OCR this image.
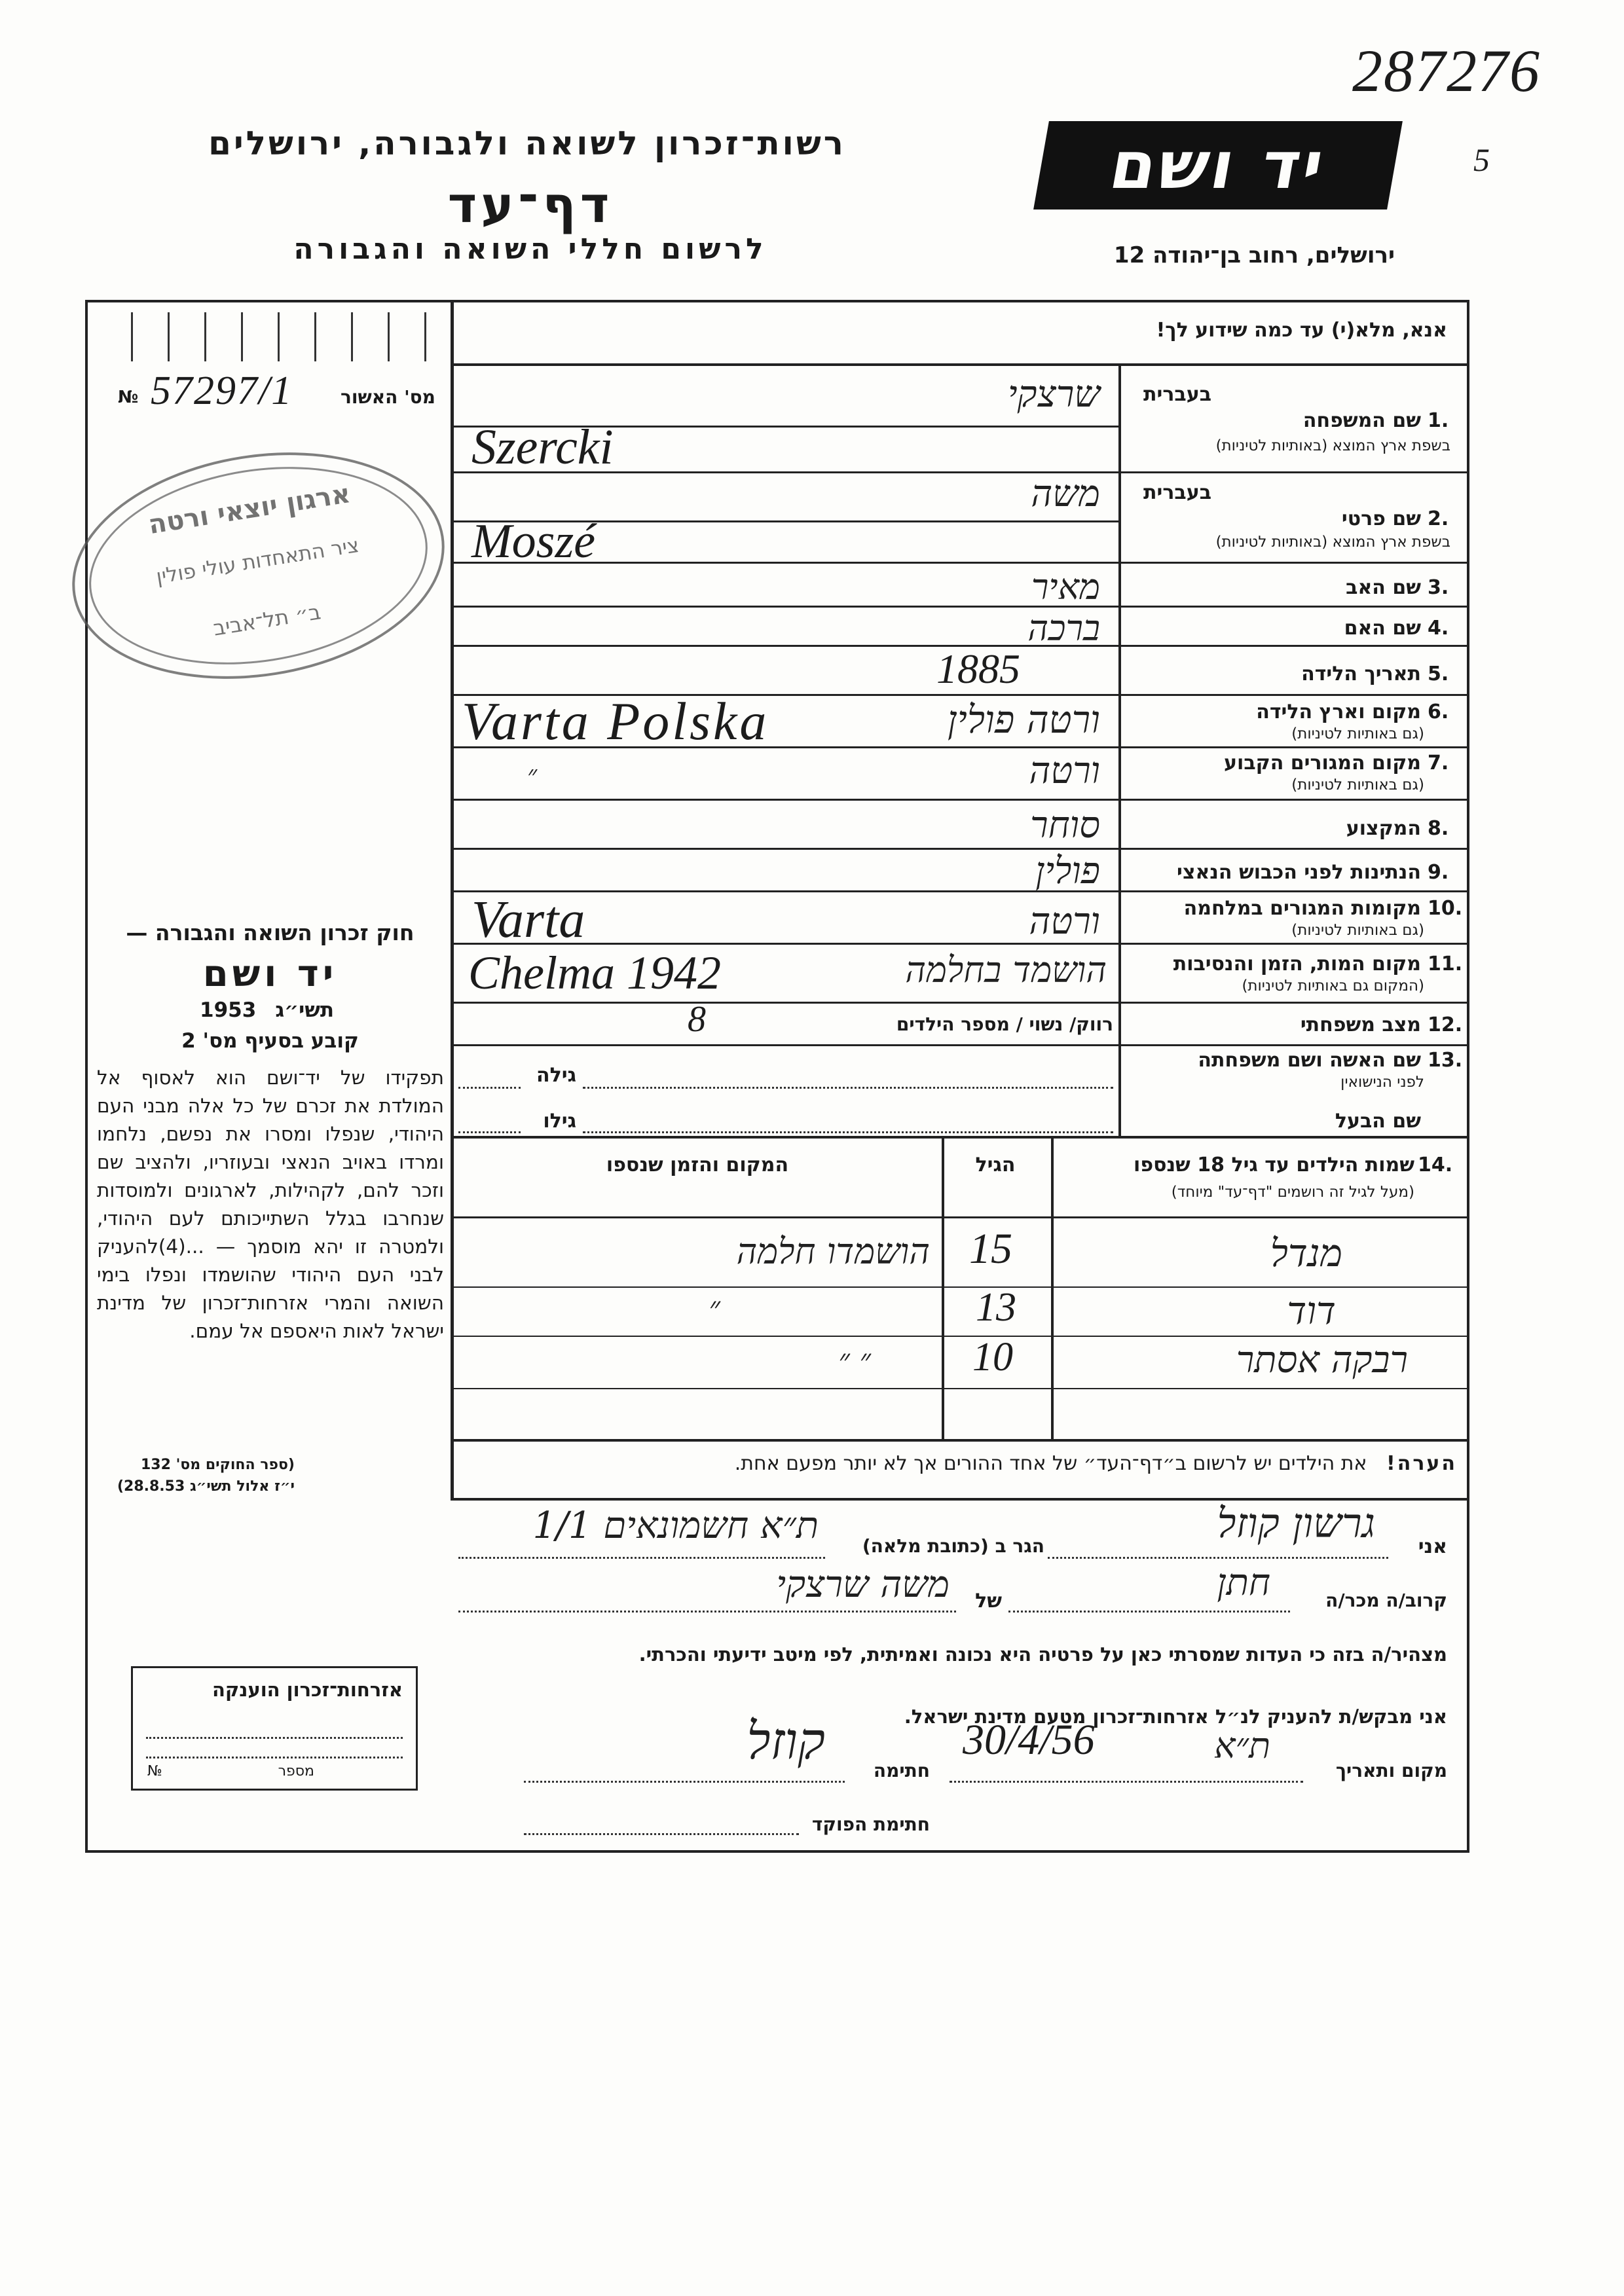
287276
5
רשות־זכרון לשואה ולגבורה, ירושלים
דף־עד
לרשום חללי השואה והגבורה
יד ושם
ירושלים, רחוב בן־יהודה 12
מס' האשור
№ 57297/1
ארגון יוצאי ורטה
ציר התאחדות עולי פולין
ב״ תל־אביב
חוק זכרון השואה והגבורה —
יד ושם
תשי״ג
1953
קובע בסעיף מס' 2
תפקידו של יד־ושם הוא לאסוף אל המולדת את זכרם של כל אלה מבני העם היהודי, שנפלו ומסרו את נפשם, נלחמו ומרדו באויב הנאצי ובעוזריו, ולהציב שם וזכר להם, לקהילות, לארגונים ולמוסדות שנחרבו בגלל השתייכותם לעם היהודי, ולמטרה זו יהא מוסמך — ...(4)להעניק לבני העם היהודי שהושמדו ונפלו בימי השואה והמרי אזרחות־זכרון של מדינת ישראל לאות היאספם אל עמם.
(ספר החוקים מס' 132
י״ז אלול תשי״ג 28.8.53)
אזרחות־זכרון הוענקה
מספר
№
אנא, מלא(י) עד כמה שידוע לך!
בעברית
1.
שם המשפחה
בשפת ארץ המוצא (באותיות לטיניות)
שרצקי
Szercki
בעברית
2.
שם פרטי
בשפת ארץ המוצא (באותיות לטיניות)
משה
Moszé
3.
שם האב
מאיר
4.
שם האם
ברכה
5.
תאריך הלידה
1885
6.
מקום וארץ הלידה
(גם באותיות לטיניות)
ורטה פולין
Varta Polska
7.
מקום המגורים הקבוע
(גם באותיות לטיניות)
ורטה
״
8.
המקצוע
סוחר
9.
הנתינות לפני הכבוש הנאצי
פולין
10.
מקומות המגורים במלחמה
(גם באותיות לטיניות)
ורטה
Varta
11.
מקום המות, הזמן והנסיבות
(המקום גם באותיות לטיניות)
הושמד בחלמה
Chelma 1942
12.
מצב משפחתי
רווק/ נשוי / מספר הילדים
8
13.
שם האשה ושם משפחתה
לפני הנישואין
גילה
שם הבעל
גילו
14.
שמות הילדים עד גיל 18 שנספו
(מעל לגיל זה רושמים "דף־עד" מיוחד)
הגיל
המקום והזמן שנספו
מנדל
15
הושמדו חלמה
דוד
13
״
רבקה אסתר
10
״ ״
הערה! את הילדים יש לרשום ב״דף־העד״ של אחד ההורים אך לא יותר מפעם אחת.
אני
גרשון קוזל
הגר ב (כתובת מלאה)
ת״א חשמונאים 1/1
קרוב/ה מכר/ה
חתן
של
משה שרצקי
מצהיר/ה בזה כי העדות שמסרתי כאן על פרטיה היא נכונה ואמיתית, לפי מיטב ידיעתי והכרתי.
אני מבקש/ת להעניק לנ״ל אזרחות־זכרון מטעם מדינת ישראל.
מקום ותאריך
ת״א
30/4/56
חתימה
קוזל
חתימת הפוקד
